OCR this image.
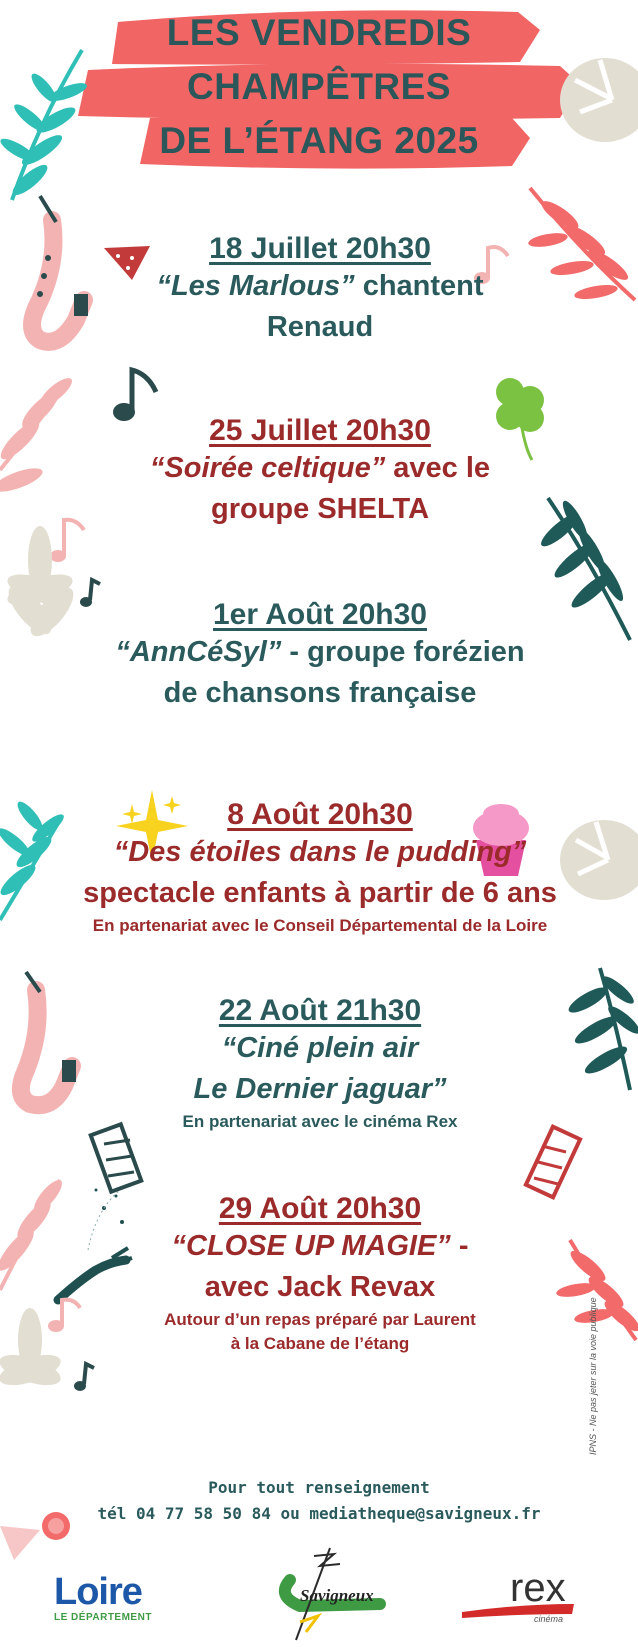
LES VENDREDIS
CHAMPÊTRES
DE L’ÉTANG 2025
18 Juillet 20h30
“Les Marlous” chantent
Renaud
25 Juillet 20h30
“Soirée celtique” avec le
groupe SHELTA
1er Août 20h30
“AnnCéSyl” - groupe forézien
de chansons française
8 Août 20h30
“Des étoiles dans le pudding”
spectacle enfants à partir de 6 ans
En partenariat avec le Conseil Départemental de la Loire
22 Août 21h30
“Ciné plein air
Le Dernier jaguar”
En partenariat avec le cinéma Rex
29 Août 20h30
“CLOSE UP MAGIE” -
avec Jack Revax
Autour d’un repas préparé par Laurent
à la Cabane de l’étang	IPNS - Ne pas jeter sur la voie publique
Pour tout renseignement
tél 04 77 58 50 84 ou mediatheque@savigneux.fr
Loire
LE DÉPARTEMENT
Savigneux	rex
cinéma
